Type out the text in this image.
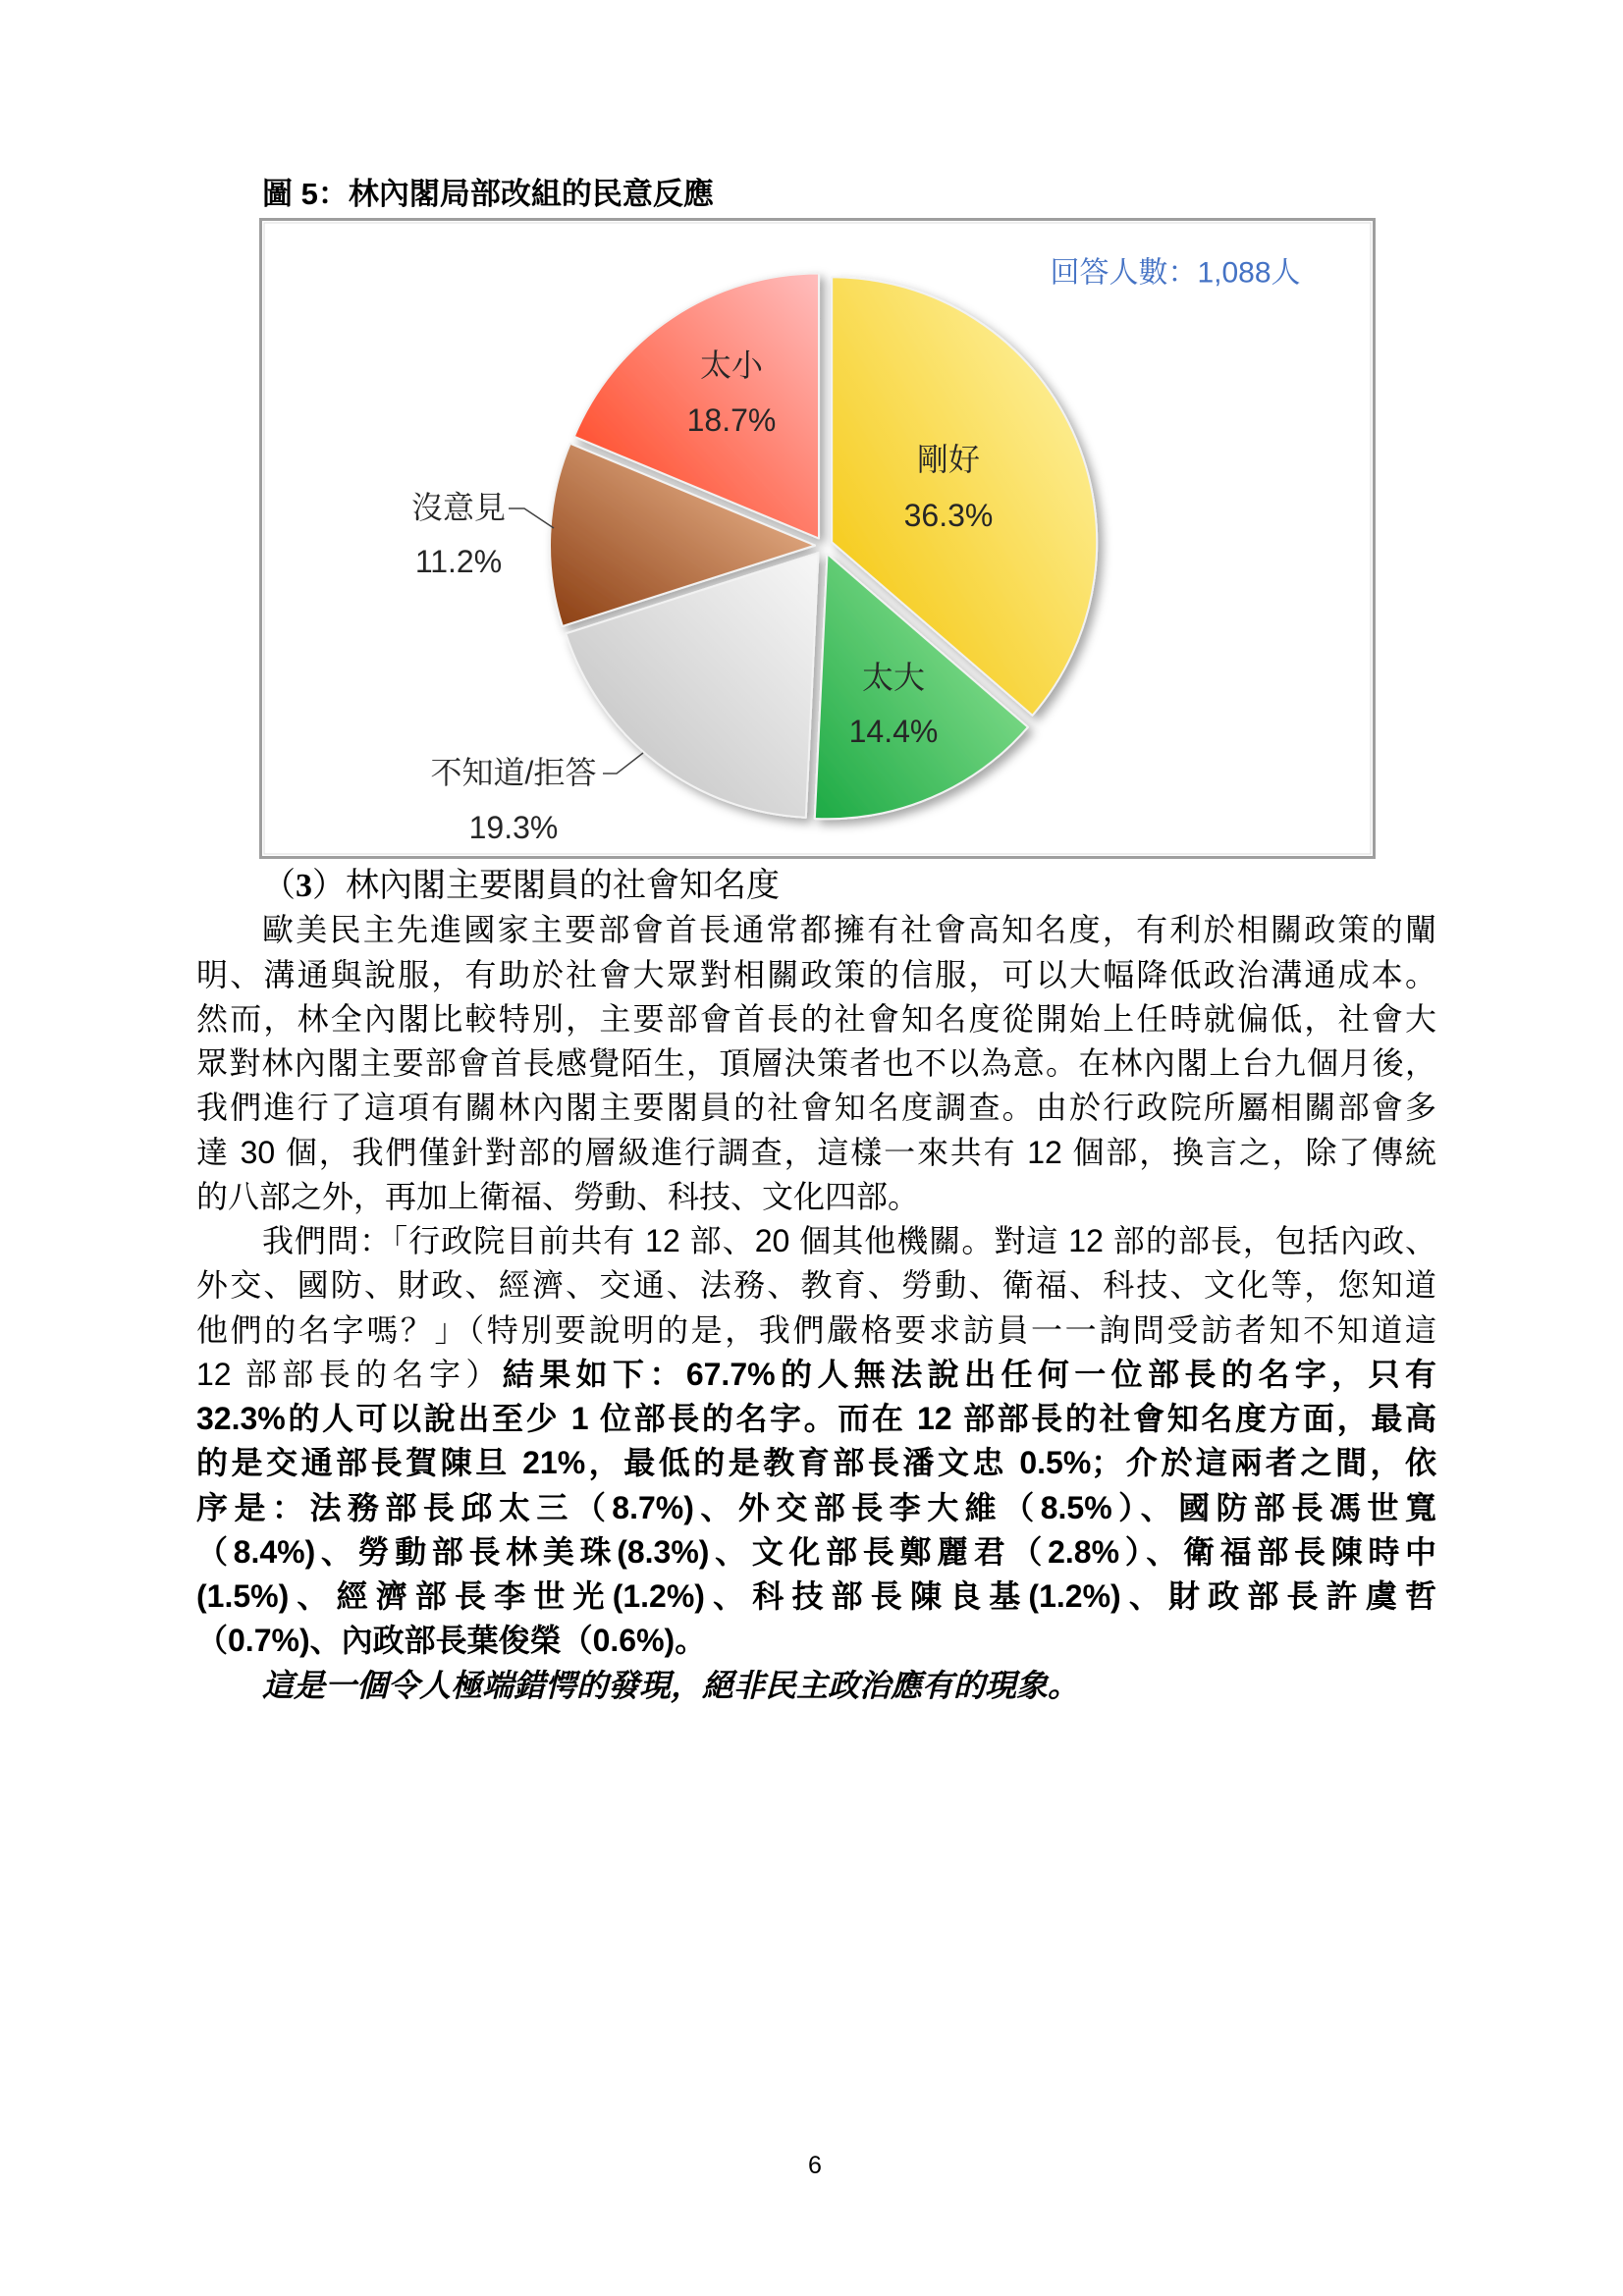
圖 5：林內閣局部改組的民意反應
回答人數：1,088人
剛好
36.3%
太大
14.4%
不知道/拒答
19.3%
沒意見
11.2%
太小
18.7%
（3）林內閣主要閣員的社會知名度
歐美民主先進國家主要部會首長通常都擁有社會高知名度，有利於相關政策的闡
明、溝通與說服，有助於社會大眾對相關政策的信服，可以大幅降低政治溝通成本。
然而，林全內閣比較特別，主要部會首長的社會知名度從開始上任時就偏低，社會大
眾對林內閣主要部會首長感覺陌生，頂層決策者也不以為意。在林內閣上台九個月後，
我們進行了這項有關林內閣主要閣員的社會知名度調查。由於行政院所屬相關部會多
達 30 個，我們僅針對部的層級進行調查，這樣一來共有 12 個部，換言之，除了傳統
的八部之外，再加上衛福、勞動、科技、文化四部。
我們問：「行政院目前共有 12 部、20 個其他機關。對這 12 部的部長，包括內政、
外交、國防、財政、經濟、交通、法務、教育、勞動、衛福、科技、文化等，您知道
他們的名字嗎？」（特別要說明的是，我們嚴格要求訪員一一詢問受訪者知不知道這
12 部部長的名字）結果如下：67.7%的人無法說出任何一位部長的名字，只有
32.3%的人可以說出至少 1 位部長的名字。而在 12 部部長的社會知名度方面，最高
的是交通部長賀陳旦 21%，最低的是教育部長潘文忠 0.5%；介於這兩者之間，依
序是：法務部長邱太三（8.7%)、外交部長李大維（8.5%）、國防部長馮世寬
（8.4%)、勞動部長林美珠(8.3%)、文化部長鄭麗君（2.8%）、衛福部長陳時中
(1.5%)、經濟部長李世光(1.2%)、科技部長陳良基(1.2%)、財政部長許虞哲
（0.7%)、內政部長葉俊榮（0.6%)。
這是一個令人極端錯愕的發現，絕非民主政治應有的現象。
6
